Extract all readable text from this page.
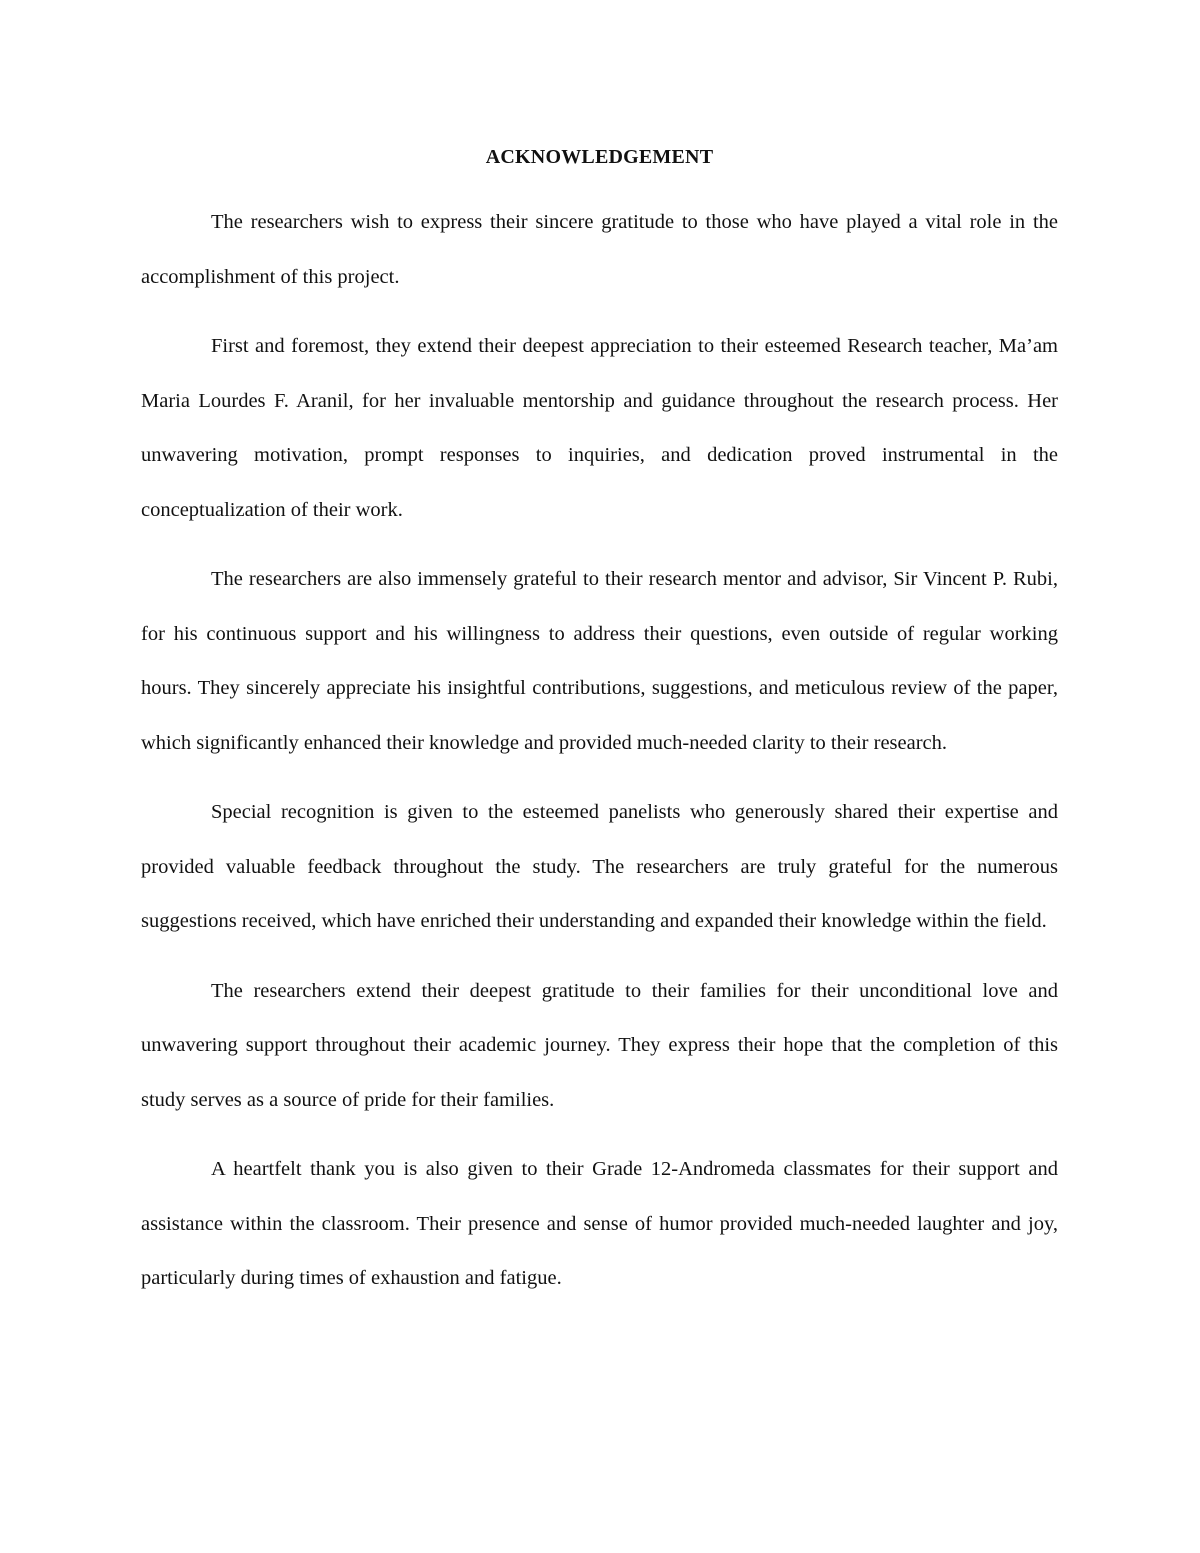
ACKNOWLEDGEMENT

The researchers wish to express their sincere gratitude to those who have played a vital role in the accomplishment of this project.

First and foremost, they extend their deepest appreciation to their esteemed Research teacher, Ma’am Maria Lourdes F. Aranil, for her invaluable mentorship and guidance throughout the research process. Her unwavering motivation, prompt responses to inquiries, and dedication proved instrumental in the conceptualization of their work.

The researchers are also immensely grateful to their research mentor and advisor, Sir Vincent P. Rubi, for his continuous support and his willingness to address their questions, even outside of regular working hours. They sincerely appreciate his insightful contributions, suggestions, and meticulous review of the paper, which significantly enhanced their knowledge and provided much-needed clarity to their research.

Special recognition is given to the esteemed panelists who generously shared their expertise and provided valuable feedback throughout the study. The researchers are truly grateful for the numerous suggestions received, which have enriched their understanding and expanded their knowledge within the field.

The researchers extend their deepest gratitude to their families for their unconditional love and unwavering support throughout their academic journey. They express their hope that the completion of this study serves as a source of pride for their families.

A heartfelt thank you is also given to their Grade 12-Andromeda classmates for their support and assistance within the classroom. Their presence and sense of humor provided much-needed laughter and joy, particularly during times of exhaustion and fatigue.
